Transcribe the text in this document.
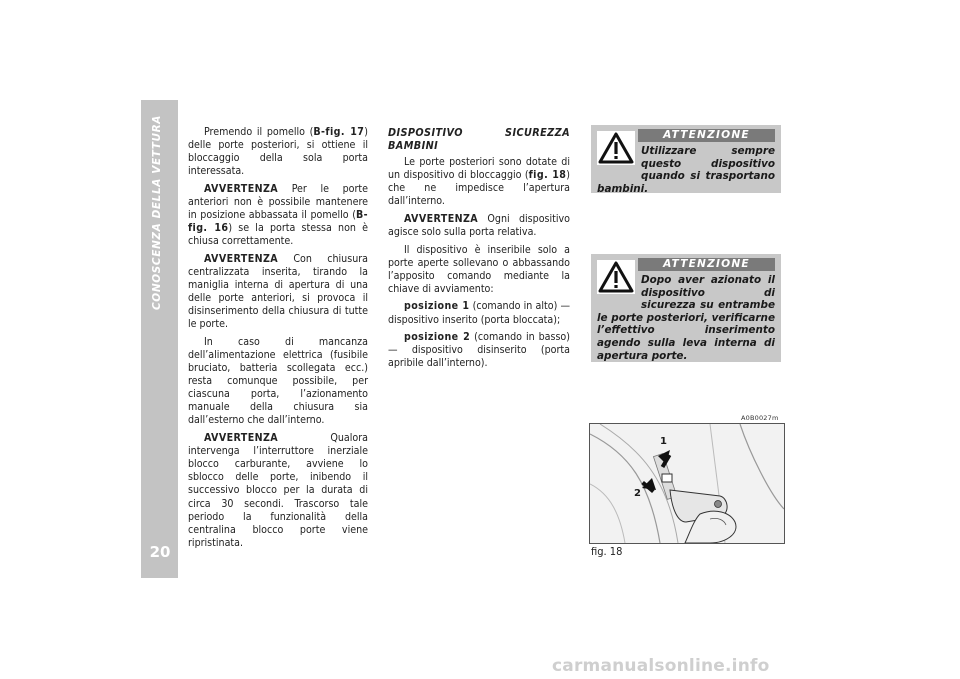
CONOSCENZA DELLA VETTURA
20

Premendo il pomello (B-fig. 17) delle porte posteriori, si ottiene il bloccaggio della sola porta interessata.

AVVERTENZA Per le porte anteriori non è possibile mantenere in posizione abbassata il pomello (B-fig. 16) se la porta stessa non è chiusa correttamente.

AVVERTENZA Con chiusura centralizzata inserita, tirando la maniglia interna di apertura di una delle porte anteriori, si provoca il disinserimento della chiusura di tutte le porte.

In caso di mancanza dell’alimentazione elettrica (fusibile bruciato, batteria scollegata ecc.) resta comunque possibile, per ciascuna porta, l’azionamento manuale della chiusura sia dall’esterno che dall’interno.

AVVERTENZA Qualora intervenga l’interruttore inerziale blocco carburante, avviene lo sblocco delle porte, inibendo il successivo blocco per la durata di circa 30 secondi. Trascorso tale periodo la funzionalità della centralina blocco porte viene ripristinata.

DISPOSITIVO SICUREZZA BAMBINI

Le porte posteriori sono dotate di un dispositivo di bloccaggio (fig. 18) che ne impedisce l’apertura dall’interno.

AVVERTENZA Ogni dispositivo agisce solo sulla porta relativa.

Il dispositivo è inseribile solo a porte aperte sollevano o abbassando l’apposito comando mediante la chiave di avviamento:

posizione 1 (comando in alto) — dispositivo inserito (porta bloccata);

posizione 2 (comando in basso) — dispositivo disinserito (porta apribile dall’interno).

ATTENZIONE
Utilizzare sempre questo dispositivo quando si trasportano bambini.
ATTENZIONE
Dopo aver azionato il dispositivo di sicurezza su entrambe le porte posteriori, verificarne l’effettivo inserimento agendo sulla leva interna di apertura porte.
A0B0027m
1
2
fig. 18
carmanualsonline.info
